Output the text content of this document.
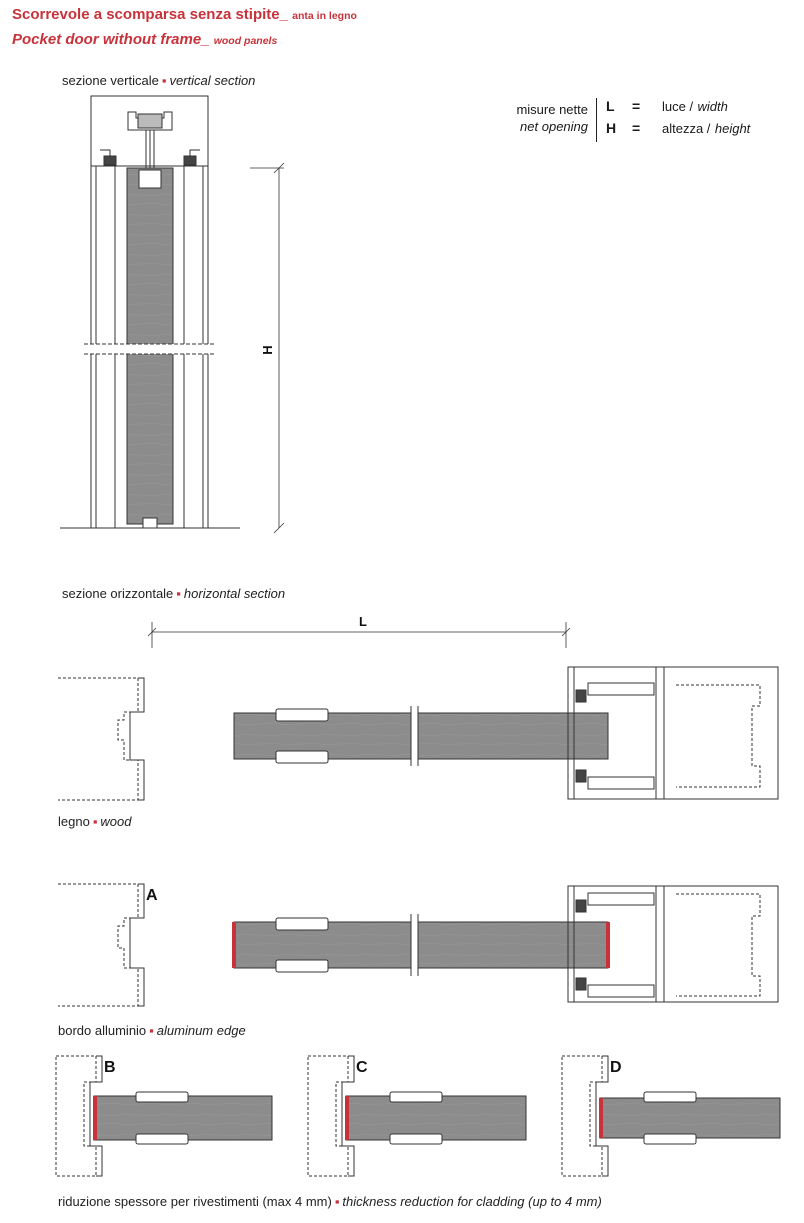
Scorrevole a scomparsa senza stipite_ anta in legno
Pocket door without frame_ wood panels
sezione verticale ▪ vertical section
misure nette
net opening
L = luce / width
H = altezza / height
sezione orizzontale ▪ horizontal section
legno ▪ wood
bordo alluminio ▪ aluminum edge
riduzione spessore per rivestimenti (max 4 mm) ▪ thickness reduction for cladding (up to 4 mm)
H
L
A
B	C	D
